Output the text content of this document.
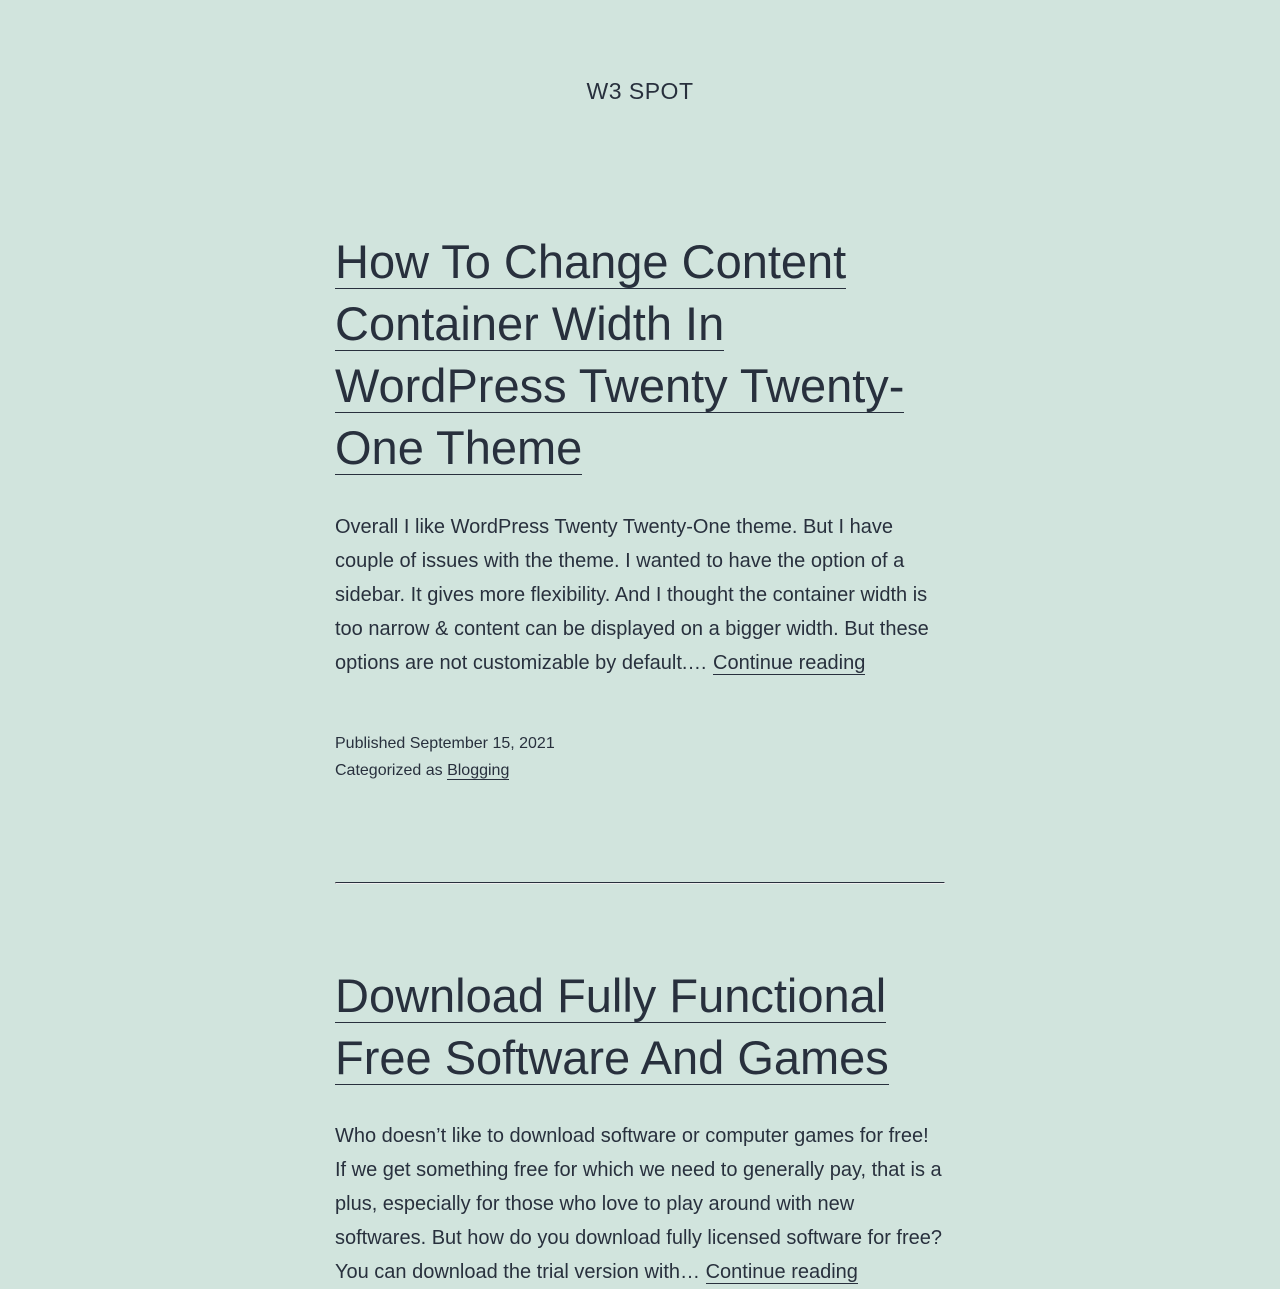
W3 SPOT
How To Change Content Container Width In WordPress Twenty Twenty-One Theme

Overall I like WordPress Twenty Twenty-One theme. But I have couple of issues with the theme. I wanted to have the option of a sidebar. It gives more flexibility. And I thought the container width is too narrow & content can be displayed on a bigger width. But these options are not customizable by default.… Continue reading

Published September 15, 2021
Categorized as Blogging
Download Fully Functional Free Software And Games

Who doesn’t like to download software or computer games for free! If we get something free for which we need to generally pay, that is a plus, especially for those who love to play around with new softwares. But how do you download fully licensed software for free? You can download the trial version with… Continue reading
